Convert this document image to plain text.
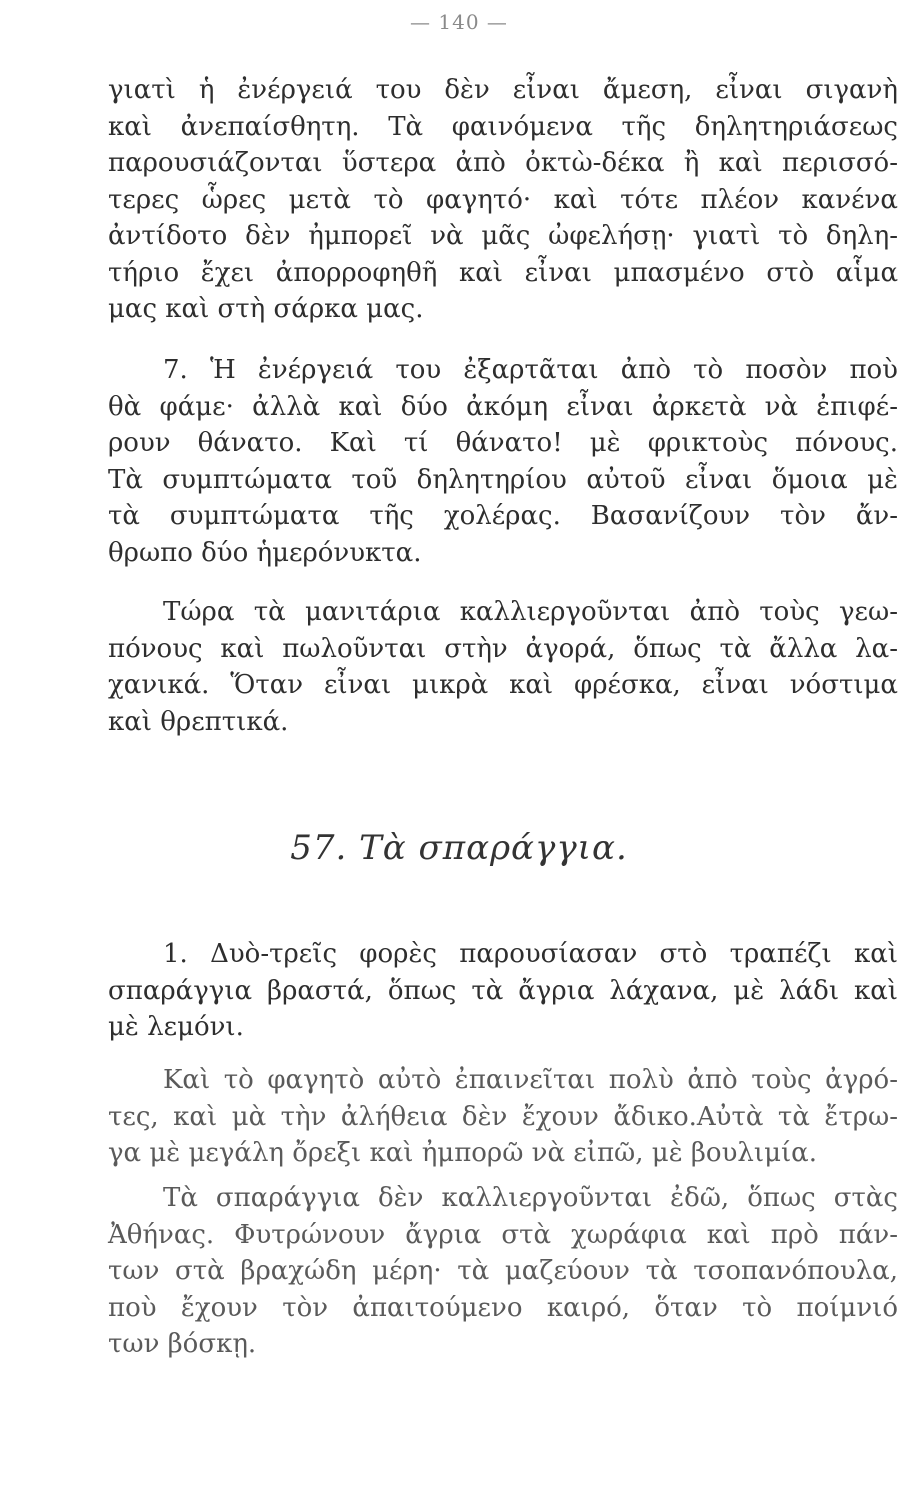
— 140 —
γιατὶ ἡ ἐνέργειά του δὲν εἶναι ἄμεση, εἶναι σιγανὴ
καὶ ἀνεπαίσθητη. Τὰ φαινόμενα τῆς δηλητηριάσεως
παρουσιάζονται ὕστερα ἀπὸ ὀκτὼ-δέκα ἢ καὶ περισσό-
τερες ὧρες μετὰ τὸ φαγητό· καὶ τότε πλέον κανένα
ἀντίδοτο δὲν ἠμπορεῖ νὰ μᾶς ὠφελήσῃ· γιατὶ τὸ δηλη-
τήριο ἔχει ἀπορροφηθῆ καὶ εἶναι μπασμένο στὸ αἷμα
μας καὶ στὴ σάρκα μας.
7. Ἡ ἐνέργειά του ἐξαρτᾶται ἀπὸ τὸ ποσὸν ποὺ
θὰ φάμε· ἀλλὰ καὶ δύο ἀκόμη εἶναι ἀρκετὰ νὰ ἐπιφέ-
ρουν θάνατο. Καὶ τί θάνατο! μὲ φρικτοὺς πόνους.
Τὰ συμπτώματα τοῦ δηλητηρίου αὐτοῦ εἶναι ὅμοια μὲ
τὰ συμπτώματα τῆς χολέρας. Βασανίζουν τὸν ἄν-
θρωπο δύο ἡμερόνυκτα.
Τώρα τὰ μανιτάρια καλλιεργοῦνται ἀπὸ τοὺς γεω-
πόνους καὶ πωλοῦνται στὴν ἀγορά, ὅπως τὰ ἄλλα λα-
χανικά. Ὅταν εἶναι μικρὰ καὶ φρέσκα, εἶναι νόστιμα
καὶ θρεπτικά.
57. Τὰ σπαράγγια.
1. Δυὸ-τρεῖς φορὲς παρουσίασαν στὸ τραπέζι καὶ
σπαράγγια βραστά, ὅπως τὰ ἄγρια λάχανα, μὲ λάδι καὶ
μὲ λεμόνι.
Καὶ τὸ φαγητὸ αὐτὸ ἐπαινεῖται πολὺ ἀπὸ τοὺς ἀγρό-
τες, καὶ μὰ τὴν ἀλήθεια δὲν ἔχουν ἄδικο.Αὐτὰ τὰ ἔτρω-
γα μὲ μεγάλη ὄρεξι καὶ ἠμπορῶ νὰ εἰπῶ, μὲ βουλιμία.
Τὰ σπαράγγια δὲν καλλιεργοῦνται ἐδῶ, ὅπως στὰς
Ἀθήνας. Φυτρώνουν ἄγρια στὰ χωράφια καὶ πρὸ πάν-
των στὰ βραχώδη μέρη· τὰ μαζεύουν τὰ τσοπανόπουλα,
ποὺ ἔχουν τὸν ἀπαιτούμενο καιρό, ὅταν τὸ ποίμνιό
των βόσκῃ.
